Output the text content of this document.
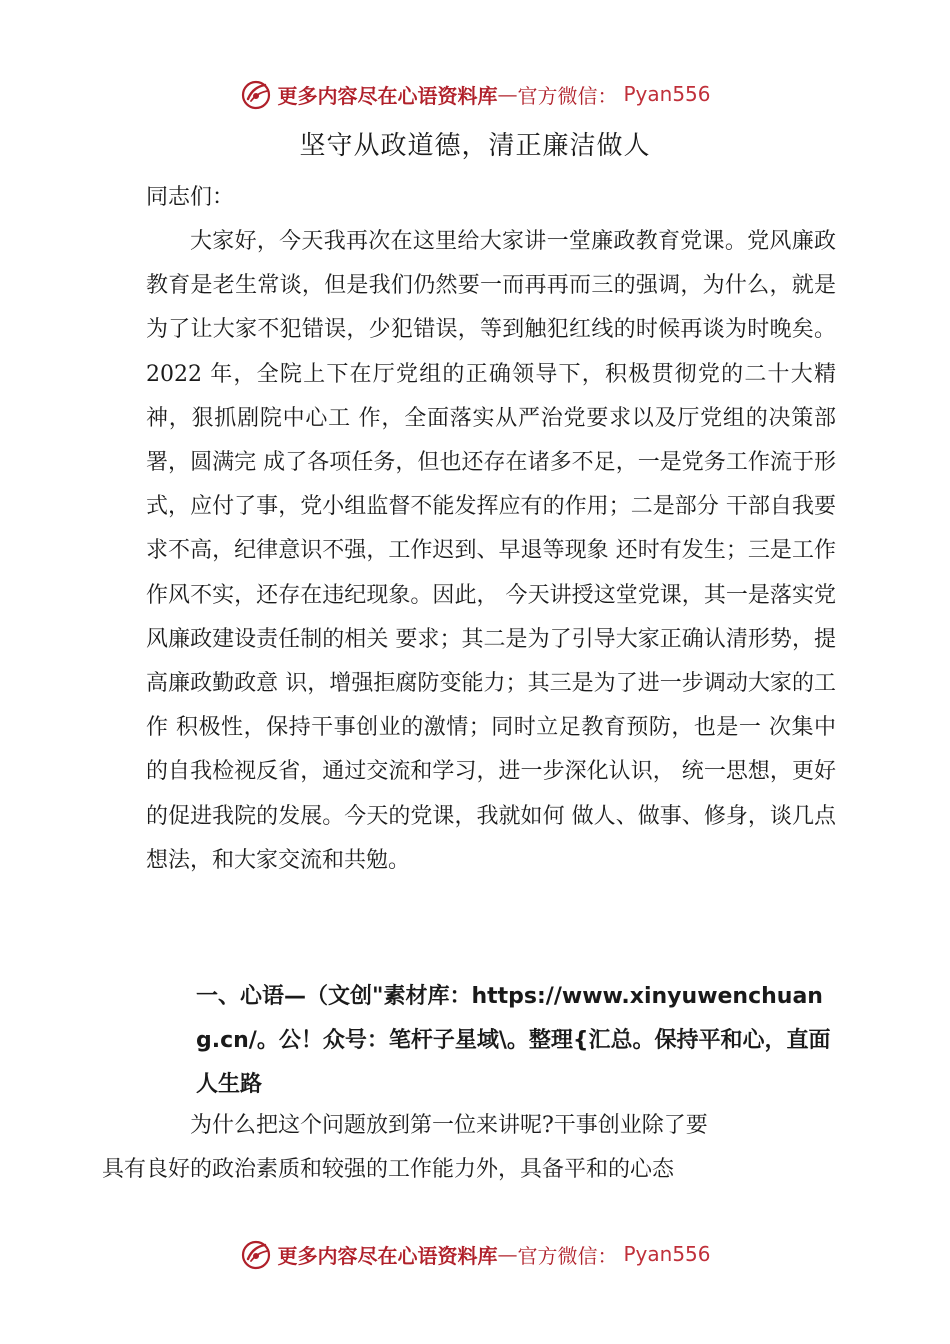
更多内容尽在心语资料库 — 官方微信： Pyan556
坚守从政道德，清正廉洁做人
同志们：

大家好，今天我再次在这里给大家讲一堂廉政教育党课。党风廉政教育是老生常谈，但是我们仍然要一而再再而三的强调，为什么，就是为了让大家不犯错误，少犯错误，等到触犯红线的时候再谈为时晚矣。2022 年，全院上下在厅党组的正确领导下，积极贯彻党的二十大精神，狠抓剧院中心工 作，全面落实从严治党要求以及厅党组的决策部署，圆满完 成了各项任务，但也还存在诸多不足，一是党务工作流于形 式，应付了事，党小组监督不能发挥应有的作用；二是部分 干部自我要求不高，纪律意识不强，工作迟到、早退等现象 还时有发生；三是工作作风不实，还存在违纪现象。因此， 今天讲授这堂党课，其一是落实党风廉政建设责任制的相关 要求；其二是为了引导大家正确认清形势，提高廉政勤政意 识，增强拒腐防变能力；其三是为了进一步调动大家的工作 积极性，保持干事创业的激情；同时立足教育预防，也是一 次集中的自我检视反省，通过交流和学习，进一步深化认识， 统一思想，更好的促进我院的发展。今天的党课，我就如何 做人、做事、修身，谈几点想法，和大家交流和共勉。

一、心语—（文创"素材库：https://www.xinyuwenchuang.cn/。公！众号：笔杆子星域\。整理{汇总。保持平和心，直面人生路

为什么把这个问题放到第一位来讲呢?干事创业除了要
具有良好的政治素质和较强的工作能力外，具备平和的心态
更多内容尽在心语资料库 — 官方微信： Pyan556
